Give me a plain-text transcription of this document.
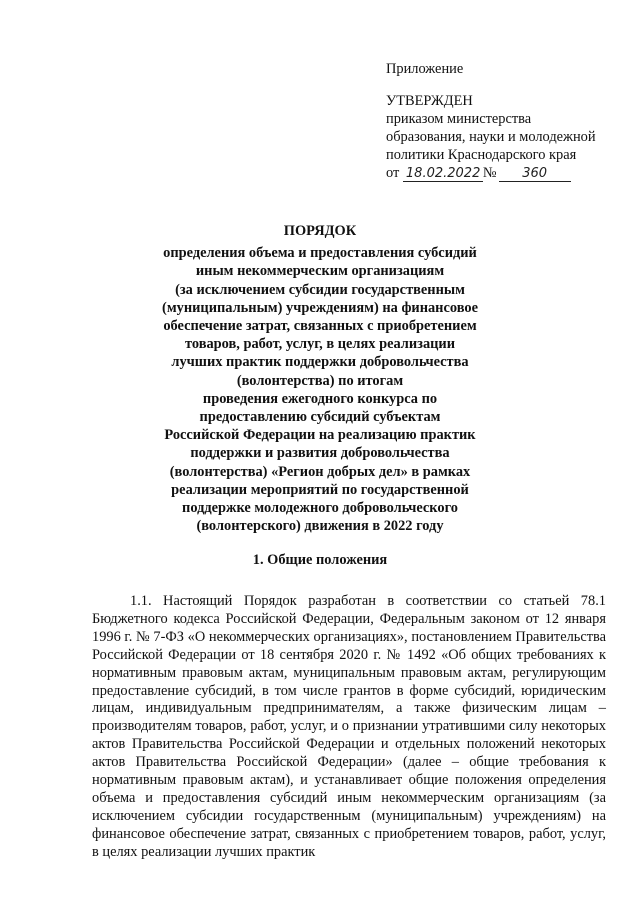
Приложение
УТВЕРЖДЕН
приказом министерства
образования, науки и молодежной
политики Краснодарского края
от 18.02.2022 № 360
ПОРЯДОК
определения объема и предоставления субсидий
иным некоммерческим организациям
(за исключением субсидии государственным
(муниципальным) учреждениям) на финансовое
обеспечение затрат, связанных с приобретением
товаров, работ, услуг, в целях реализации
лучших практик поддержки добровольчества
(волонтерства) по итогам
проведения ежегодного конкурса по
предоставлению субсидий субъектам
Российской Федерации на реализацию практик
поддержки и развития добровольчества
(волонтерства) «Регион добрых дел» в рамках
реализации мероприятий по государственной
поддержке молодежного добровольческого
(волонтерского) движения в 2022 году
1. Общие положения

1.1. Настоящий Порядок разработан в соответствии со статьей 78.1 Бюджетного кодекса Российской Федерации, Федеральным законом от 12 января 1996 г. № 7-ФЗ «О некоммерческих организациях», постановлением Правительства Российской Федерации от 18 сентября 2020 г. № 1492 «Об общих требованиях к нормативным правовым актам, муниципальным правовым актам, регулирующим предоставление субсидий, в том числе грантов в форме субсидий, юридическим лицам, индивидуальным предпринимателям, а также физическим лицам – производителям товаров, работ, услуг, и о признании утратившими силу некоторых актов Правительства Российской Федерации и отдельных положений некоторых актов Правительства Российской Федерации» (далее – общие требования к нормативным правовым актам), и устанавливает общие положения определения объема и предоставления субсидий иным некоммерческим организациям (за исключением субсидии государственным (муниципальным) учреждениям) на финансовое обеспечение затрат, связанных с приобретением товаров, работ, услуг, в целях реализации лучших практик
